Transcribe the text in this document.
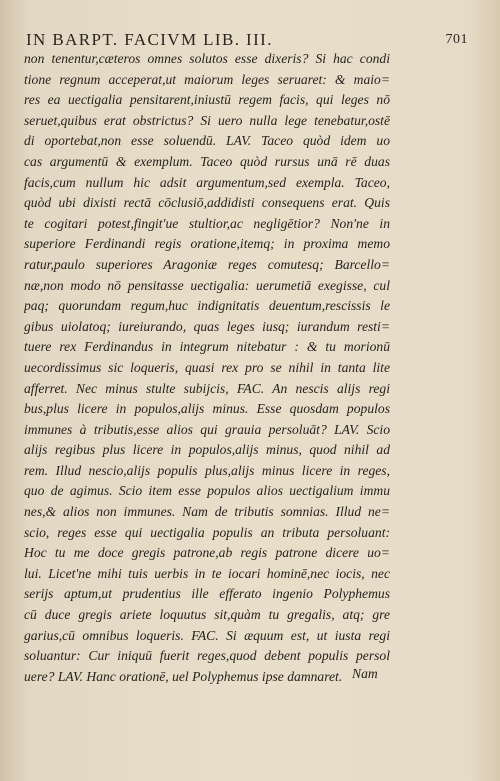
IN BARPT. FACIVM LIB. III.	701
non tenentur,cæteros omnes solutos esse dixeris? Si hac condi
tione regnum acceperat,ut maiorum leges seruaret: & maio=
res ea uectigalia pensitarent,iniustū regem facis, qui leges nō
seruet,quibus erat obstrictus? Si uero nulla lege tenebatur,ostē
di oportebat,non esse soluendū. LAV. Taceo quòd idem uo
cas argumentū & exemplum. Taceo quòd rursus unā rē duas
facis,cum nullum hic adsit argumentum,sed exempla. Taceo,
quòd ubi dixisti rectā cōclusiō,addidisti consequens erat. Quis
te cogitari potest,fingit'ue stultior,ac negligētior? Non'ne in
superiore Ferdinandi regis oratione,itemq; in proxima memo
ratur,paulo superiores Aragoniæ reges comutesq; Barcello=
næ,non modo nō pensitasse uectigalia: uerumetiā exegisse, cul
paq; quorundam regum,huc indignitatis deuentum,rescissis le
gibus uiolatoq; iureiurando, quas leges iusq; iurandum resti=
tuere rex Ferdinandus in integrum nitebatur : & tu morionū
uecordissimus sic loqueris, quasi rex pro se nihil in tanta lite
afferret. Nec minus stulte subijcis, FAC. An nescis alijs regi
bus,plus licere in populos,alijs minus. Esse quosdam populos
immunes à tributis,esse alios qui grauia persoluāt? LAV. Scio
alijs regibus plus licere in populos,alijs minus, quod nihil ad
rem. Illud nescio,alijs populis plus,alijs minus licere in reges,
quo de agimus. Scio item esse populos alios uectigalium immu
nes,& alios non immunes. Nam de tributis somnias. Illud ne=
scio, reges esse qui uectigalia populis an tributa persoluant:
Hoc tu me doce gregis patrone,ab regis patrone dicere uo=
lui. Licet'ne mihi tuis uerbis in te iocari hominē,nec iocis, nec
serijs aptum,ut prudentius ille efferato ingenio Polyphemus
cū duce gregis ariete loquutus sit,quàm tu gregalis, atq; gre
garius,cū omnibus loqueris. FAC. Si æquum est, ut iusta regi
soluantur: Cur iniquū fuerit reges,quod debent populis persol
uere? LAV. Hanc orationē, uel Polyphemus ipse damnaret. Nam
